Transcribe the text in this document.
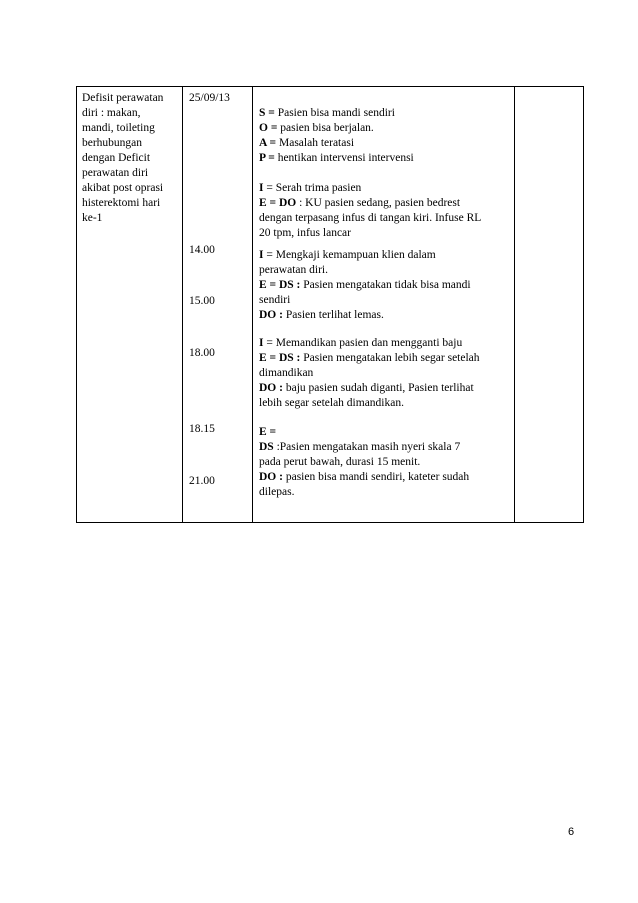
Defisit perawatan
diri : makan,
mandi, toileting
berhubungan
dengan Deficit
perawatan diri
akibat post oprasi
histerektomi hari
ke-1
25/09/13
14.00
15.00
18.00
18.15
21.00
S = Pasien bisa mandi sendiri
O = pasien bisa berjalan.
A = Masalah teratasi
P = hentikan intervensi intervensi
I = Serah trima pasien
E = DO : KU pasien sedang, pasien bedrest
dengan terpasang infus di tangan kiri. Infuse RL
20 tpm, infus lancar
I = Mengkaji kemampuan klien dalam
perawatan diri.
E = DS : Pasien mengatakan tidak bisa mandi
sendiri
DO : Pasien terlihat lemas.
I = Memandikan pasien dan mengganti baju
E = DS : Pasien mengatakan lebih segar setelah
dimandikan
DO : baju pasien sudah diganti, Pasien terlihat
lebih segar setelah dimandikan.
E =
DS :Pasien mengatakan masih nyeri skala 7
pada perut bawah, durasi 15 menit.
DO : pasien bisa mandi sendiri, kateter sudah
dilepas.
6
